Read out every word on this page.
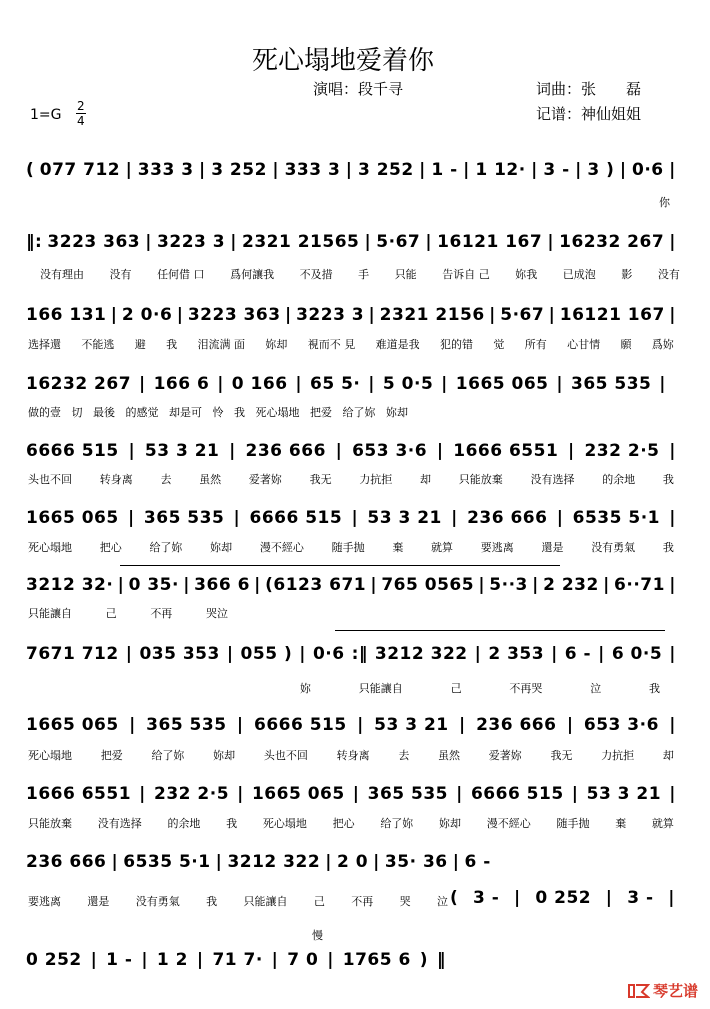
死心塌地爱着你
演唱：段千寻	词曲：张　　磊
记谱：神仙姐姐
1=G
2
4
( 077 712 | 333 3 | 3 252 | 333 3 | 3 252 | 1 - | 1 12· | 3 - | 3 ) | 0·6 |
你
‖: 3223 363 | 3223 3 | 2321 21565 | 5·67 | 16121 167 | 16232 267 |
没有理由 没有 任何借 口 爲何讓我 不及措 手 只能 告诉自 己 妳我 已成泡 影 没有
166 131 | 2 0·6 | 3223 363 | 3223 3 | 2321 2156 | 5·67 | 16121 167 |
选择還 不能逃 避 我 泪流满 面 妳却 視而不 見 难道是我 犯的错 觉 所有 心甘情 願 爲妳
16232 267 | 166 6 | 0 166 | 65 5· | 5 0·5 | 1665 065 | 365 535 |
做的壹 切 最後 的感觉 却是可 怜 我 死心塌地 把爱 给了妳 妳却
6666 515 | 53 3 21 | 236 666 | 653 3·6 | 1666 6551 | 232 2·5 |
头也不回	转身离	去	虽然	爱著妳	我无	力抗拒	却	只能放棄	没有选择	的余地	我
1665 065 | 365 535 | 6666 515 | 53 3 21 | 236 666 | 6535 5·1 |
死心塌地	把心	给了妳	妳却	漫不經心	随手抛	棄	就算	要逃离	還是	没有勇氣	我
3212 32· | 0 35· | 366 6 | (6123 671 | 765 0565 | 5··3 | 2 232 | 6··71 |
只能讓自	己	不再	哭泣
7671 712 | 035 353 | 055 ) | 0·6 :‖ 3212 322 | 2 353 | 6 - | 6 0·5 |
妳	只能讓自	己	不再哭	泣	我
1665 065 | 365 535 | 6666 515 | 53 3 21 | 236 666 | 653 3·6 |
死心塌地	把爱	给了妳	妳却	头也不回	转身离	去	虽然	爱著妳	我无	力抗拒	却
1666 6551 | 232 2·5 | 1665 065 | 365 535 | 6666 515 | 53 3 21 |
只能放棄 没有选择 的余地 我 死心塌地 把心 给了妳 妳却 漫不經心 随手抛 棄 就算
236 666 | 6535 5·1 | 3212 322 | 2 0 | 35· 36 | 6 -
要逃离 還是 没有勇氣 我 只能讓自 己 不再 哭 泣 ( 3 - | 0 252 | 3 - |
0 252 | 1 - | 1 2 | 71 7· | 7 0 | 1765 6 ) ‖
慢
琴艺谱
